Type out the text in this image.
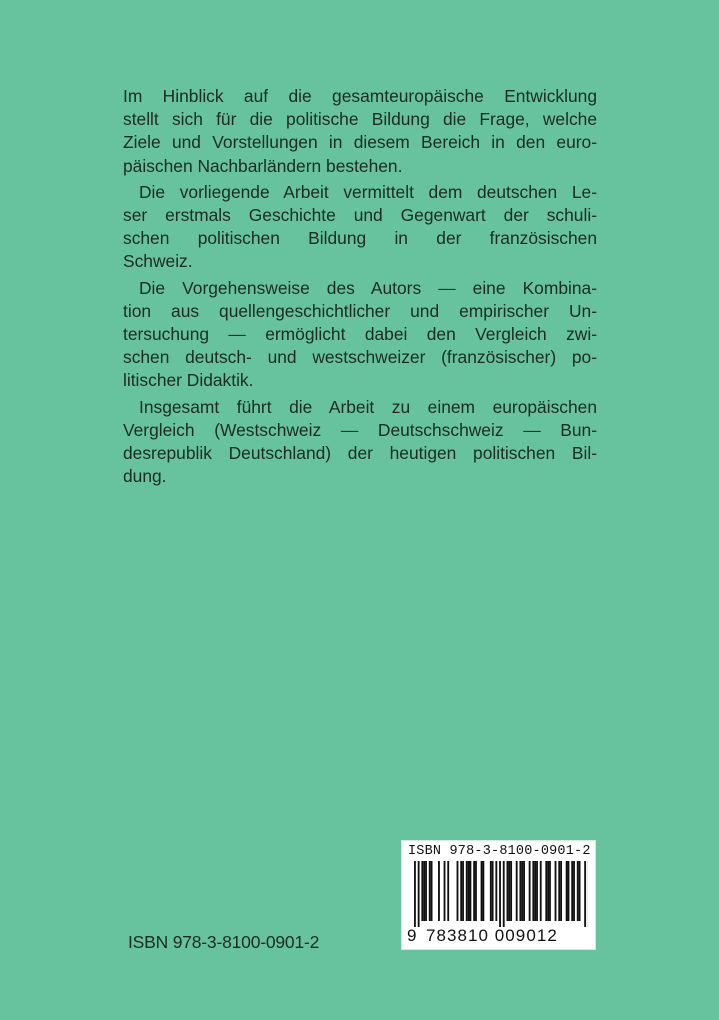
Im Hinblick auf die gesamteuropäische Entwicklung
stellt sich für die politische Bildung die Frage, welche
Ziele und Vorstellungen in diesem Bereich in den euro-
päischen Nachbarländern bestehen.

Die vorliegende Arbeit vermittelt dem deutschen Le-
ser erstmals Geschichte und Gegenwart der schuli-
schen politischen Bildung in der französischen
Schweiz.

Die Vorgehensweise des Autors — eine Kombina-
tion aus quellengeschichtlicher und empirischer Un-
tersuchung — ermöglicht dabei den Vergleich zwi-
schen deutsch- und westschweizer (französischer) po-
litischer Didaktik.

Insgesamt führt die Arbeit zu einem europäischen
Vergleich (Westschweiz — Deutschschweiz — Bun-
desrepublik Deutschland) der heutigen politischen Bil-
dung.

ISBN 978-3-8100-0901-2
9 783810 009012
ISBN 978-3-8100-0901-2
